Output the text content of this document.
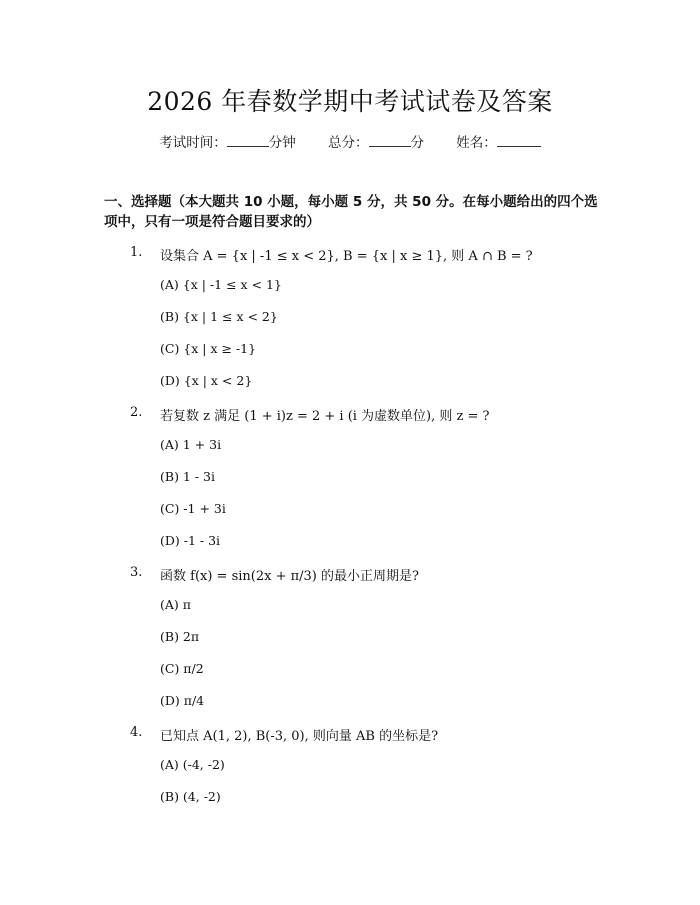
2026 年春数学期中考试试卷及答案
考试时间：	分钟 总分：	分 姓名：
一、选择题（本大题共 10 小题，每小题 5 分，共 50 分。在每小题给出的四个选
项中，只有一项是符合题目要求的）
1. 设集合 A = {x | -1 ≤ x < 2}, B = {x | x ≥ 1}, 则 A ∩ B = ?
(A) {x | -1 ≤ x < 1}
(B) {x | 1 ≤ x < 2}
(C) {x | x ≥ -1}
(D) {x | x < 2}
2. 若复数 z 满足 (1 + i)z = 2 + i (i 为虚数单位), 则 z = ?
(A) 1 + 3i
(B) 1 - 3i
(C) -1 + 3i
(D) -1 - 3i
3. 函数 f(x) = sin(2x + π/3) 的最小正周期是?
(A) π
(B) 2π
(C) π/2
(D) π/4
4. 已知点 A(1, 2), B(-3, 0), 则向量 AB 的坐标是?
(A) (-4, -2)
(B) (4, -2)
